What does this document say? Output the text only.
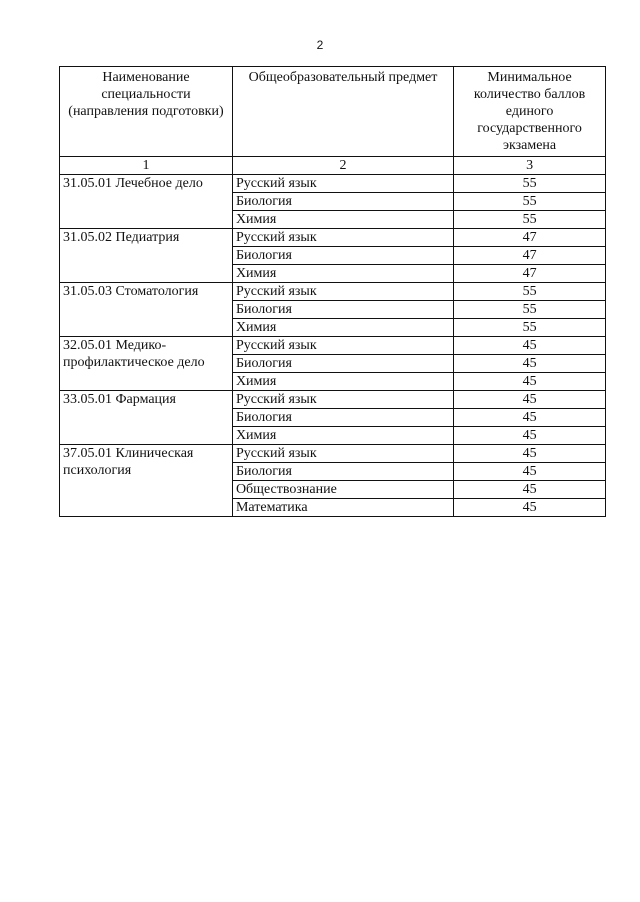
2
Наименование специальности (направления подготовки)	Общеобразовательный предмет	Минимальное количество баллов единого государственного экзамена
1	2	3
31.05.01 Лечебное дело	Русский язык	55
	Биология	55
	Химия	55
31.05.02 Педиатрия	Русский язык	47
	Биология	47
	Химия	47
31.05.03 Стоматология	Русский язык	55
	Биология	55
	Химия	55
32.05.01 Медико-профилактическое дело	Русский язык	45
	Биология	45
	Химия	45
33.05.01 Фармация	Русский язык	45
	Биология	45
	Химия	45
37.05.01 Клиническая психология	Русский язык	45
	Биология	45
	Обществознание	45
	Математика	45
